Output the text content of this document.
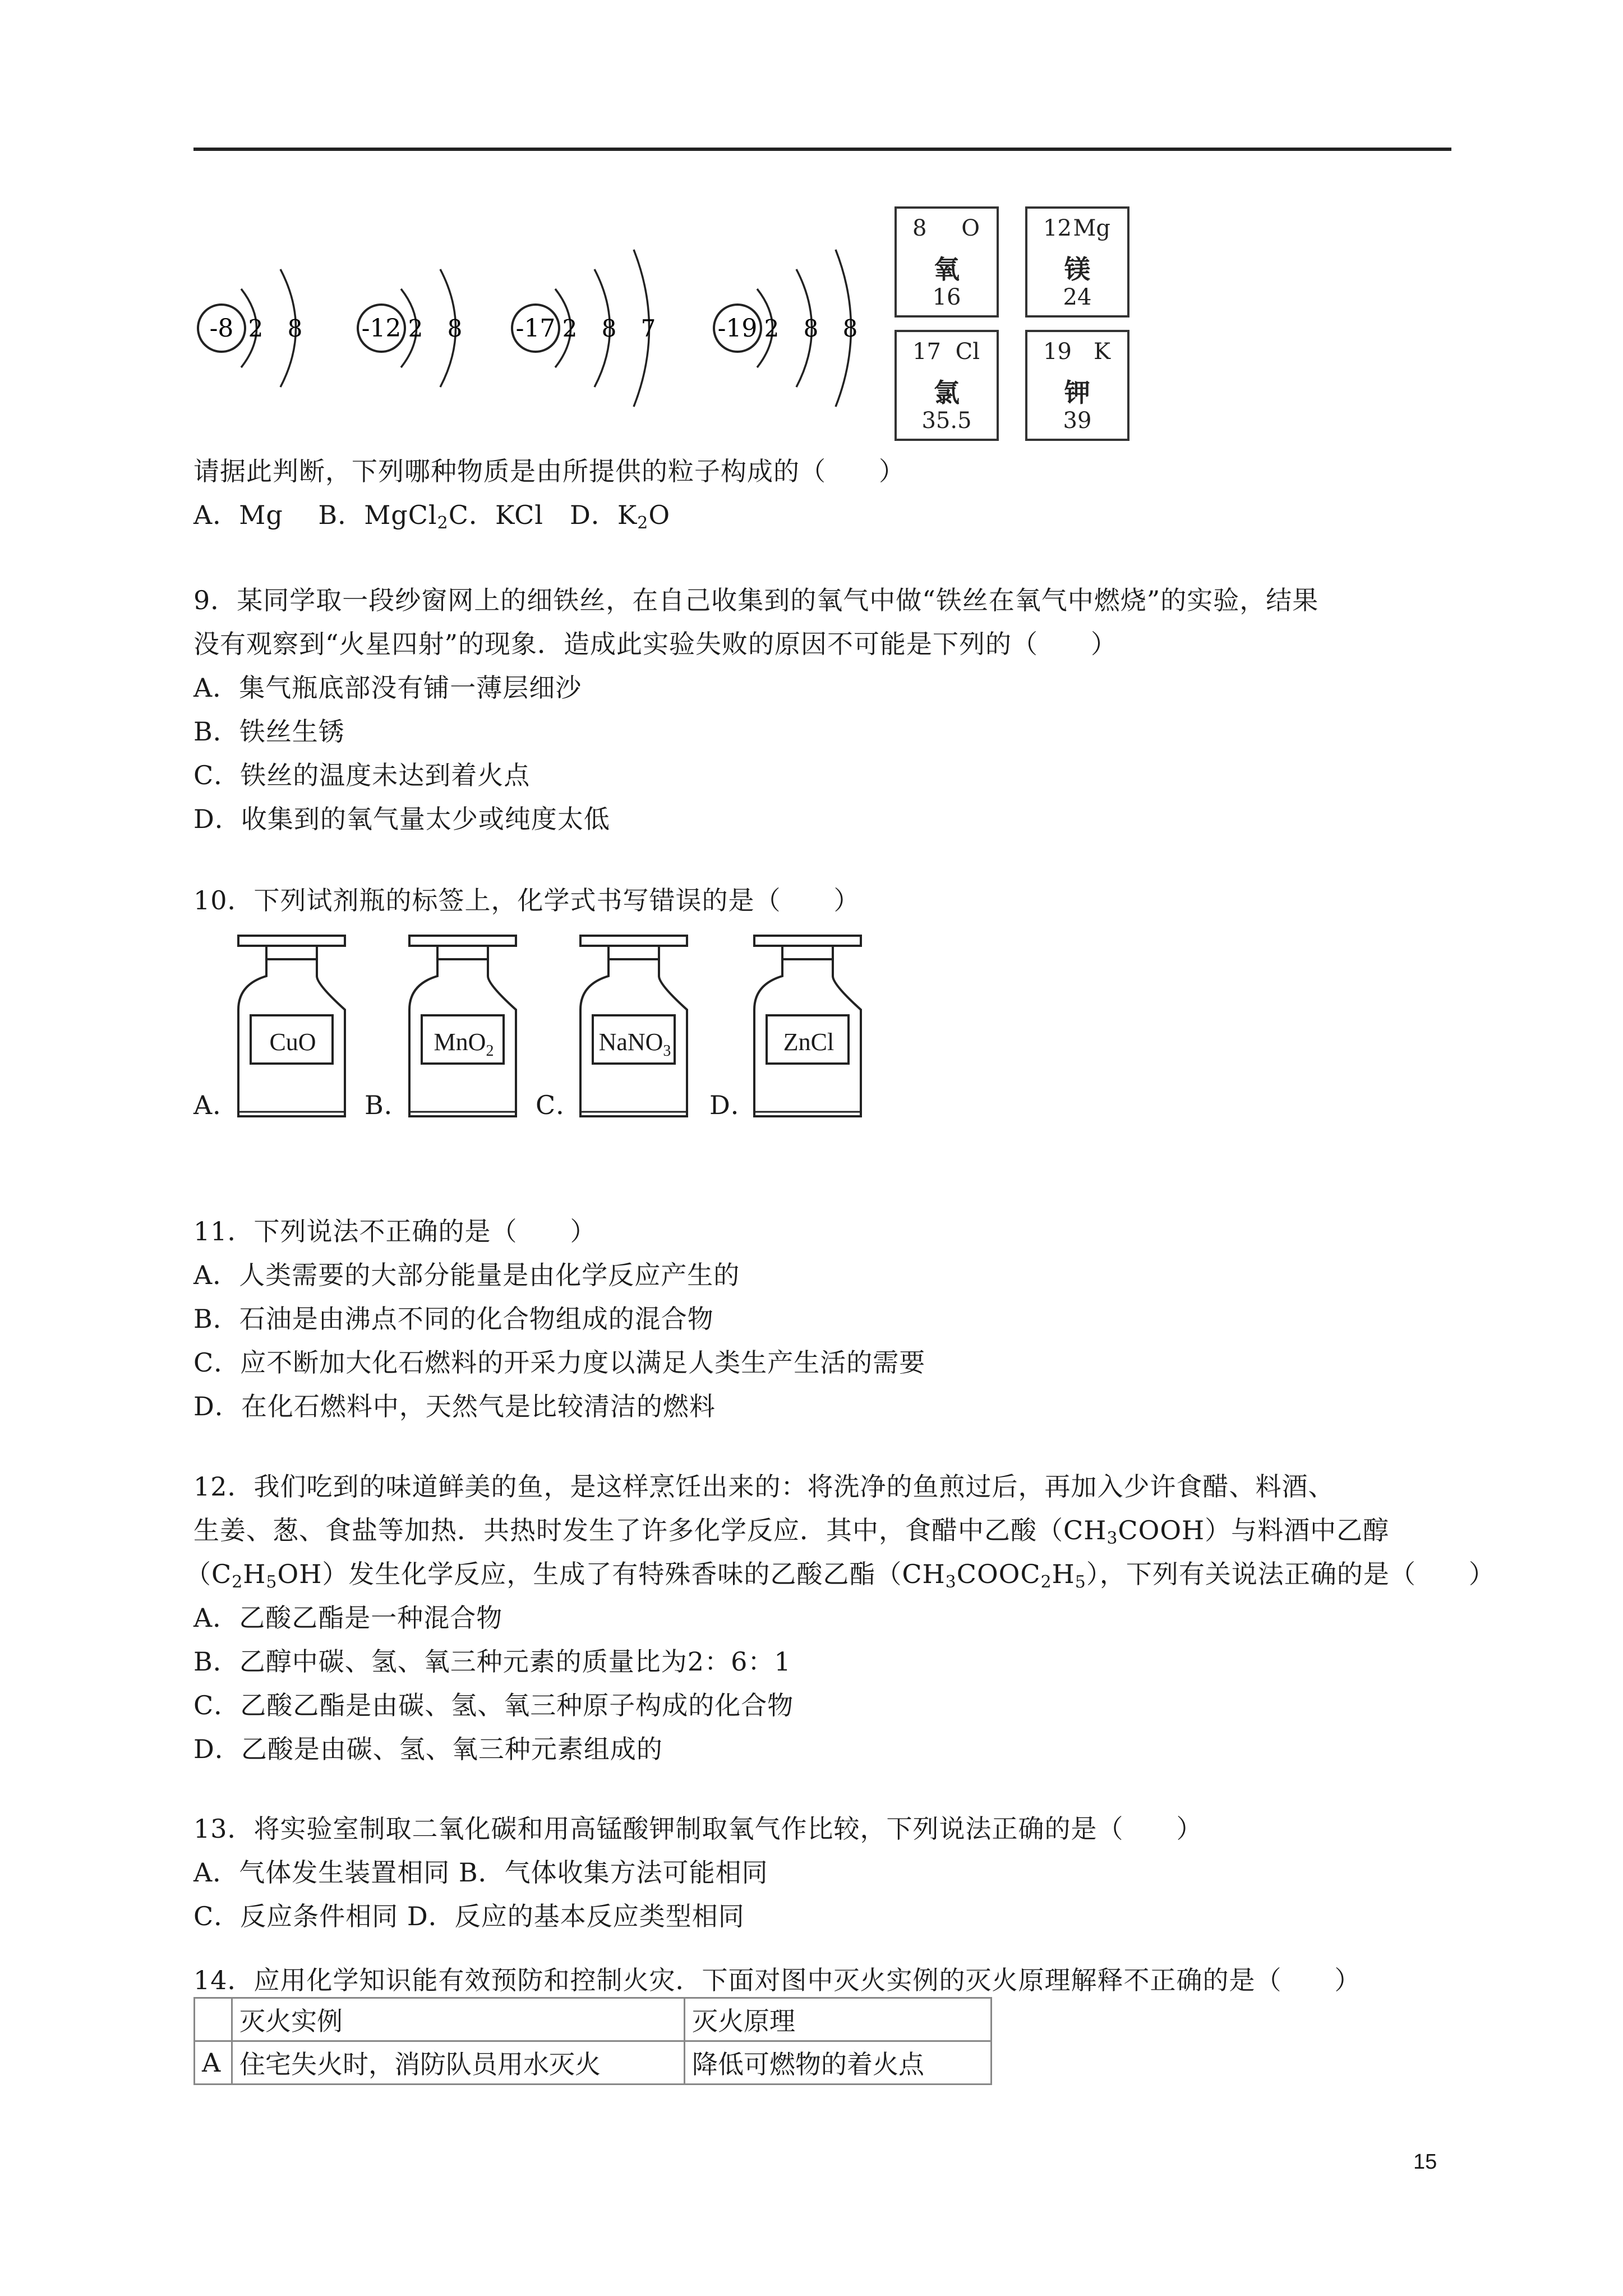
-8 2 8 -12 2 8 -17 2 8 7	-19 2 8 8
8 O
氧
16
12 Mg
镁
24
17 Cl
氯
35.5
19 K
钾
39
请据此判断，下列哪种物质是由所提供的粒子构成的（　　）
A．Mg　 B．MgCl$_2$C．KCl　D．$K_2O$
9．某同学取一段纱窗网上的细铁丝，在自己收集到的氧气中做“铁丝在氧气中燃烧”的实验，结果
没有观察到“火星四射”的现象．造成此实验失败的原因不可能是下列的（　　）
A．集气瓶底部没有铺一薄层细沙
B．铁丝生锈
C．铁丝的温度未达到着火点
D．收集到的氧气量太少或纯度太低
10．下列试剂瓶的标签上，化学式书写错误的是（　　）
A．
CuO
B．
MnO$_2$
C．
NaNO$_3$
D．
ZnCl
11．下列说法不正确的是（　　）
A．人类需要的大部分能量是由化学反应产生的
B．石油是由沸点不同的化合物组成的混合物
C．应不断加大化石燃料的开采力度以满足人类生产生活的需要
D．在化石燃料中，天然气是比较清洁的燃料
12．我们吃到的味道鲜美的鱼，是这样烹饪出来的：将洗净的鱼煎过后，再加入少许食醋、料酒、
生姜、葱、食盐等加热．共热时发生了许多化学反应．其中，食醋中乙酸$(CH_3COOH)$与料酒中乙醇
$(C_2H_5OH)$发生化学反应，生成了有特殊香味的乙酸乙酯$(CH_3COOC_2H_5)$，下列有关说法正确的是（　　）
A．乙酸乙酯是一种混合物
B．乙醇中碳、氢、氧三种元素的质量比为2：6：1
C．乙酸乙酯是由碳、氢、氧三种原子构成的化合物
D．乙酸是由碳、氢、氧三种元素组成的
13．将实验室制取二氧化碳和用高锰酸钾制取氧气作比较，下列说法正确的是（　　）
A．气体发生装置相同 B．气体收集方法可能相同
C．反应条件相同 D．反应的基本反应类型相同
14．应用化学知识能有效预防和控制火灾．下面对图中灭火实例的灭火原理解释不正确的是（　　）
	灭火实例	灭火原理
A	住宅失火时，消防队员用水灭火	降低可燃物的着火点
15
